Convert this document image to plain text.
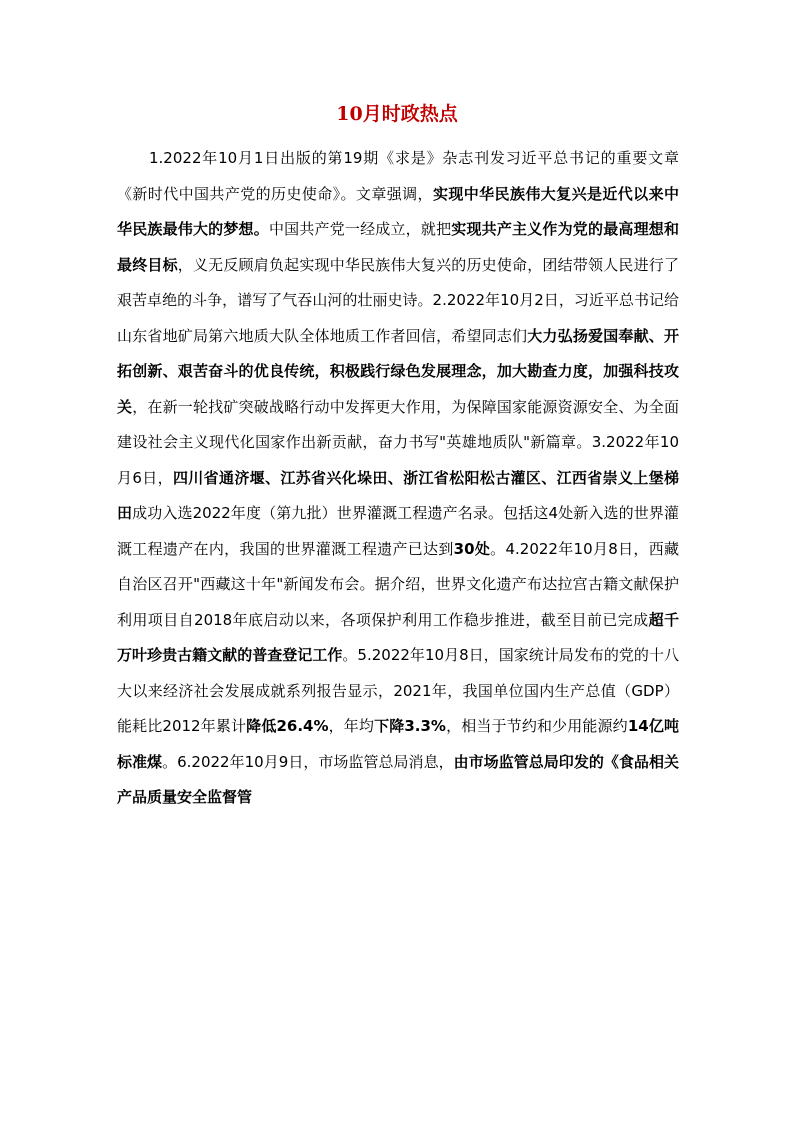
10月时政热点

1.2022年10月1日出版的第19期《求是》杂志刊发习近平总书记的重要文章《新时代中国共产党的历史使命》。文章强调，实现中华民族伟大复兴是近代以来中华民族最伟大的梦想。中国共产党一经成立，就把实现共产主义作为党的最高理想和最终目标，义无反顾肩负起实现中华民族伟大复兴的历史使命，团结带领人民进行了艰苦卓绝的斗争，谱写了气吞山河的壮丽史诗。2.2022年10月2日，习近平总书记给山东省地矿局第六地质大队全体地质工作者回信，希望同志们大力弘扬爱国奉献、开拓创新、艰苦奋斗的优良传统，积极践行绿色发展理念，加大勘查力度，加强科技攻关，在新一轮找矿突破战略行动中发挥更大作用，为保障国家能源资源安全、为全面建设社会主义现代化国家作出新贡献，奋力书写"英雄地质队"新篇章。3.2022年10月6日，四川省通济堰、江苏省兴化垛田、浙江省松阳松古灌区、江西省崇义上堡梯田成功入选2022年度（第九批）世界灌溉工程遗产名录。包括这4处新入选的世界灌溉工程遗产在内，我国的世界灌溉工程遗产已达到30处。4.2022年10月8日，西藏自治区召开"西藏这十年"新闻发布会。据介绍，世界文化遗产布达拉宫古籍文献保护利用项目自2018年底启动以来，各项保护利用工作稳步推进，截至目前已完成超千万叶珍贵古籍文献的普查登记工作。5.2022年10月8日，国家统计局发布的党的十八大以来经济社会发展成就系列报告显示，2021年，我国单位国内生产总值（GDP）能耗比2012年累计降低26.4%，年均下降3.3%，相当于节约和少用能源约14亿吨标准煤。6.2022年10月9日，市场监管总局消息，由市场监管总局印发的《食品相关产品质量安全监督管
